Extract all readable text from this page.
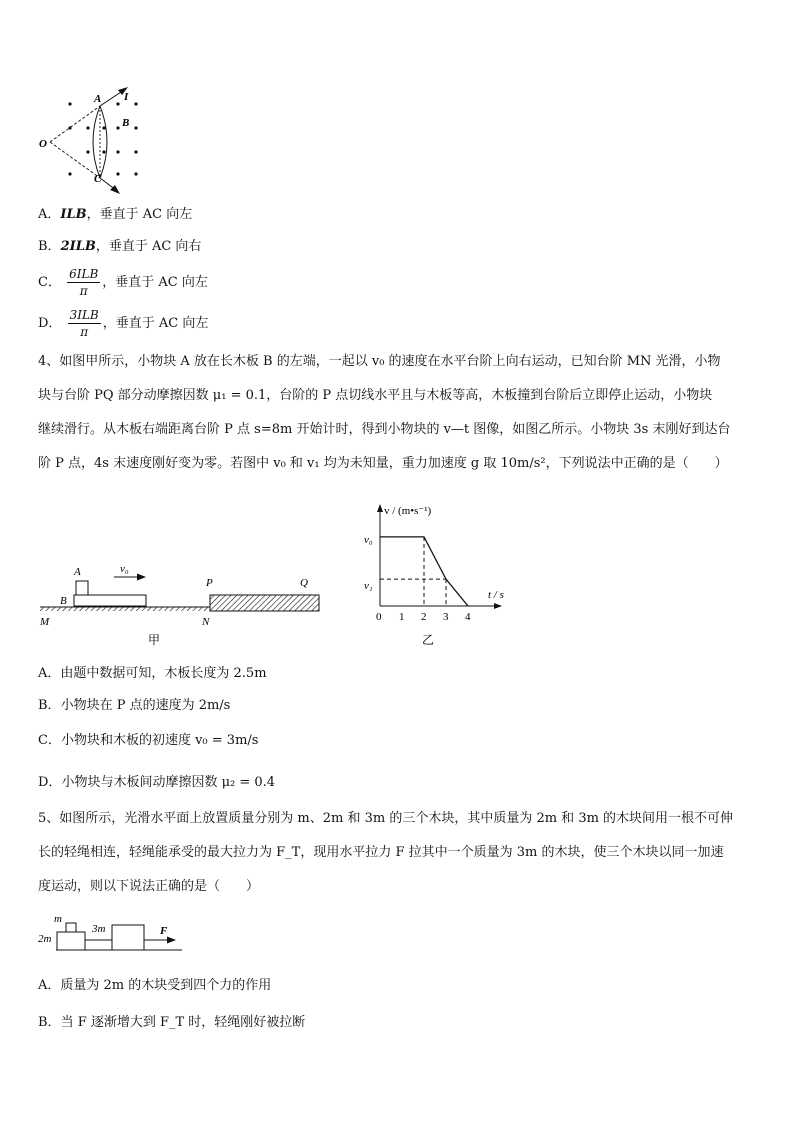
O
A I
B
C
A．ILB，垂直于 AC 向左
B．2ILB，垂直于 AC 向右
C． $\frac{\text{6ILB}}{\pi}$ ，垂直于 AC 向左
D． $\frac{\text{3ILB}}{\pi}$ ，垂直于 AC 向左
4、如图甲所示，小物块 A 放在长木板 B 的左端，一起以 v₀ 的速度在水平台阶上向右运动，已知台阶 MN 光滑，小物
块与台阶 PQ 部分动摩擦因数 μ₁ = 0.1，台阶的 P 点切线水平且与木板等高，木板撞到台阶后立即停止运动，小物块
继续滑行。从木板右端距离台阶 P 点 s=8m 开始计时，得到小物块的 v—t 图像，如图乙所示。小物块 3s 末刚好到达台
阶 P 点，4s 末速度刚好变为零。若图中 v₀ 和 v₁ 均为未知量，重力加速度 g 取 10m/s²，下列说法中正确的是（　　）
A
B
v₀
P	Q
M	N
甲
v / (m•s⁻¹)
t / s
v₀
v₁
0 1 2 3 4
乙
A．由题中数据可知，木板长度为 2.5m
B．小物块在 P 点的速度为 2m/s
C．小物块和木板的初速度 v₀ = 3m/s
D．小物块与木板间动摩擦因数 μ₂ = 0.4
5、如图所示，光滑水平面上放置质量分别为 m、2m 和 3m 的三个木块，其中质量为 2m 和 3m 的木块间用一根不可伸
长的轻绳相连，轻绳能承受的最大拉力为 F_T，现用水平拉力 F 拉其中一个质量为 3m 的木块，使三个木块以同一加速
度运动，则以下说法正确的是（　　）
m
2m
3m	F
A．质量为 2m 的木块受到四个力的作用
B．当 F 逐渐增大到 F_T 时，轻绳刚好被拉断
